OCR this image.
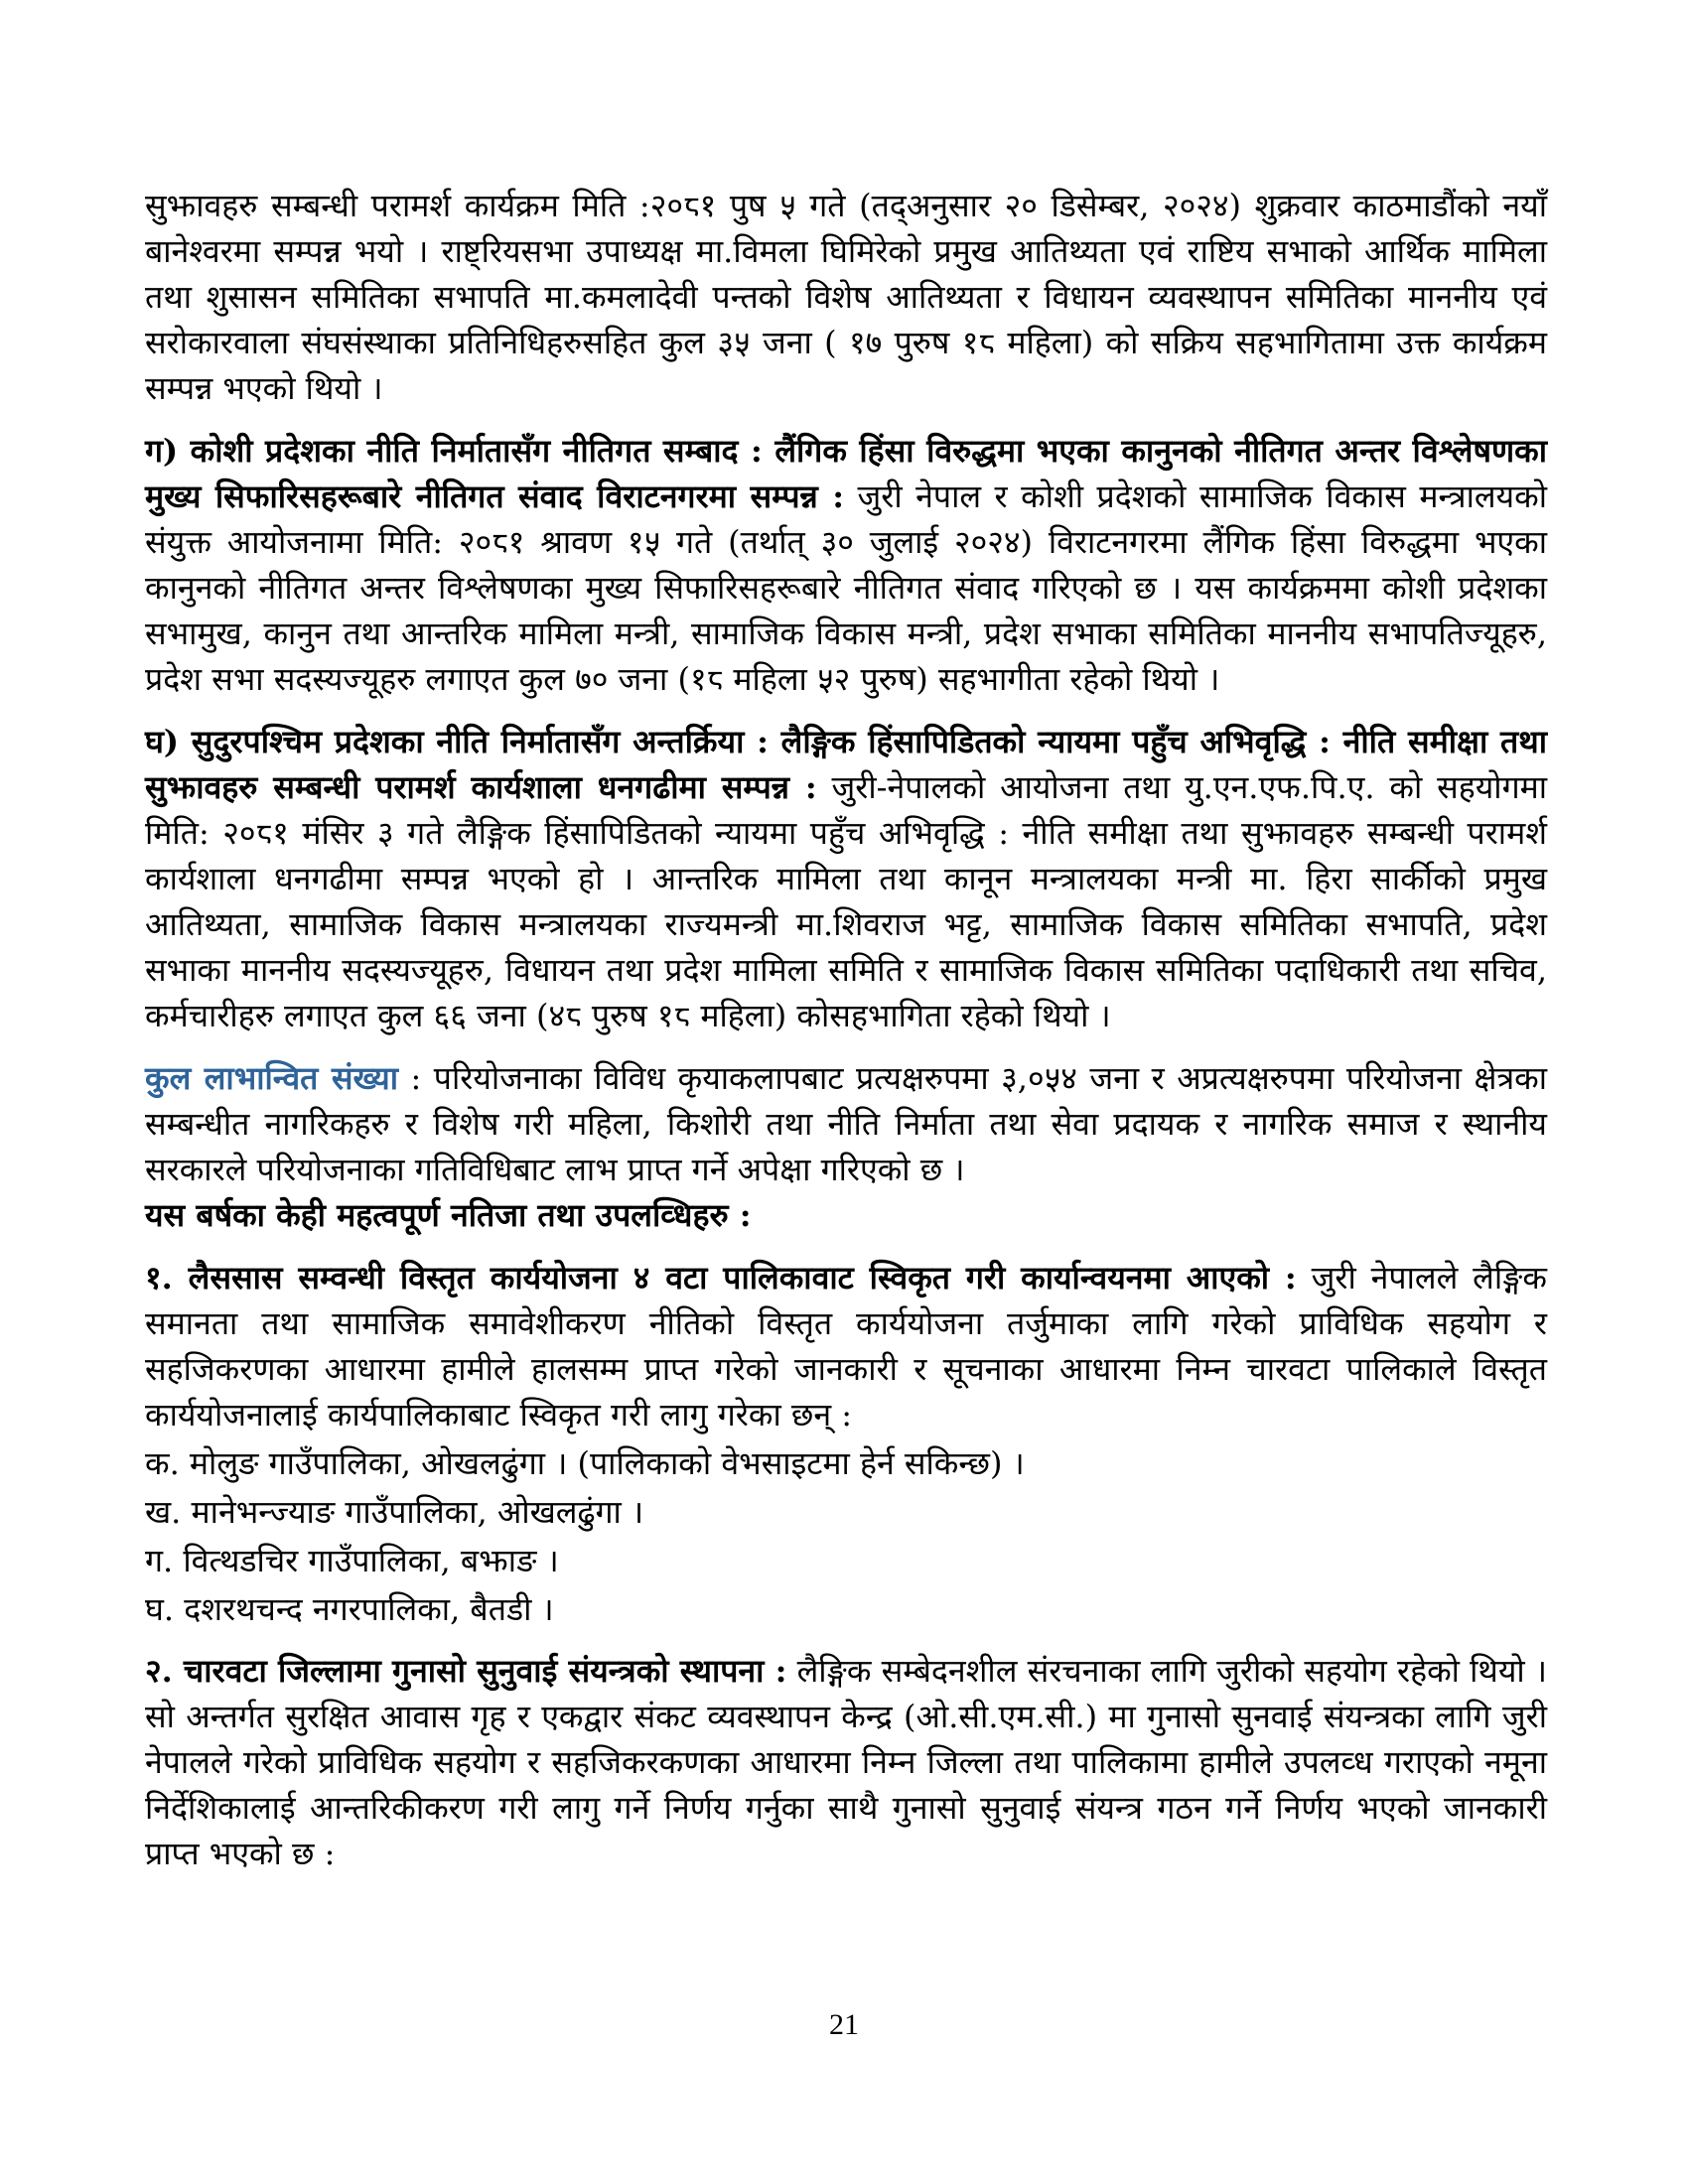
सुझावहरु सम्बन्धी परामर्श कार्यक्रम मिति :२०८१ पुष ५ गते (तद्अनुसार २० डिसेम्बर, २०२४) शुक्रवार काठमाडौंको नयाँ बानेश्वरमा सम्पन्न भयो । राष्ट्रियसभा उपाध्यक्ष मा.विमला घिमिरेको प्रमुख आतिथ्यता एवं राष्टिय सभाको आर्थिक मामिला तथा शुसासन समितिका सभापति मा.कमलादेवी पन्तको विशेष आतिथ्यता र विधायन व्यवस्थापन समितिका माननीय एवं सरोकारवाला संघसंस्थाका प्रतिनिधिहरुसहित कुल ३५ जना ( १७ पुरुष १८ महिला) को सक्रिय सहभागितामा उक्त कार्यक्रम सम्पन्न भएको थियो ।

ग) कोशी प्रदेशका नीति निर्मातासँग नीतिगत सम्बाद : लैंगिक हिंसा विरुद्धमा भएका कानुनको नीतिगत अन्तर विश्लेषणका मुख्य सिफारिसहरूबारे नीतिगत संवाद विराटनगरमा सम्पन्न : जुरी नेपाल र कोशी प्रदेशको सामाजिक विकास मन्त्रालयको संयुक्त आयोजनामा मिति: २०८१ श्रावण १५ गते (तर्थात् ३० जुलाई २०२४) विराटनगरमा लैंगिक हिंसा विरुद्धमा भएका कानुनको नीतिगत अन्तर विश्लेषणका मुख्य सिफारिसहरूबारे नीतिगत संवाद गरिएको छ । यस कार्यक्रममा कोशी प्रदेशका सभामुख, कानुन तथा आन्तरिक मामिला मन्त्री, सामाजिक विकास मन्त्री, प्रदेश सभाका समितिका माननीय सभापतिज्यूहरु, प्रदेश सभा सदस्यज्यूहरु लगाएत कुल ७० जना (१८ महिला ५२ पुरुष) सहभागीता रहेको थियो ।

घ) सुदुरपश्चिम प्रदेशका नीति निर्मातासँग अन्तर्क्रिया : लैङ्गिक हिंसापिडितको न्यायमा पहुँच अभिवृद्धि : नीति समीक्षा तथा सुझावहरु सम्बन्धी परामर्श कार्यशाला धनगढीमा सम्पन्न : जुरी-नेपालको आयोजना तथा यु.एन.एफ.पि.ए. को सहयोगमा मिति: २०८१ मंसिर ३ गते लैङ्गिक हिंसापिडितको न्यायमा पहुँच अभिवृद्धि : नीति समीक्षा तथा सुझावहरु सम्बन्धी परामर्श कार्यशाला धनगढीमा सम्पन्न भएको हो । आन्तरिक मामिला तथा कानून मन्त्रालयका मन्त्री मा. हिरा सार्कीको प्रमुख आतिथ्यता, सामाजिक विकास मन्त्रालयका राज्यमन्त्री मा.शिवराज भट्ट, सामाजिक विकास समितिका सभापति, प्रदेश सभाका माननीय सदस्यज्यूहरु, विधायन तथा प्रदेश मामिला समिति र सामाजिक विकास समितिका पदाधिकारी तथा सचिव, कर्मचारीहरु लगाएत कुल ६६ जना (४८ पुरुष १८ महिला) कोसहभागिता रहेको थियो ।

कुल लाभान्वित संख्या : परियोजनाका विविध कृयाकलापबाट प्रत्यक्षरुपमा ३,०५४ जना र अप्रत्यक्षरुपमा परियोजना क्षेत्रका सम्बन्धीत नागरिकहरु र विशेष गरी महिला, किशोरी तथा नीति निर्माता तथा सेवा प्रदायक र नागरिक समाज र स्थानीय सरकारले परियोजनाका गतिविधिबाट लाभ प्राप्त गर्ने अपेक्षा गरिएको छ ।

यस बर्षका केही महत्वपूर्ण नतिजा तथा उपलव्धिहरु :

१. लैससास सम्वन्धी विस्तृत कार्ययोजना ४ वटा पालिकावाट स्विकृत गरी कार्यान्वयनमा आएको : जुरी नेपालले लैङ्गिक समानता तथा सामाजिक समावेशीकरण नीतिको विस्तृत कार्ययोजना तर्जुमाका लागि गरेको प्राविधिक सहयोग र सहजिकरणका आधारमा हामीले हालसम्म प्राप्त गरेको जानकारी र सूचनाका आधारमा निम्न चारवटा पालिकाले विस्तृत कार्ययोजनालाई कार्यपालिकाबाट स्विकृत गरी लागु गरेका छन् :

क. मोलुङ गाउँपालिका, ओखलढुंगा । (पालिकाको वेभसाइटमा हेर्न सकिन्छ) ।
ख. मानेभन्ज्याङ गाउँपालिका, ओखलढुंगा ।
ग. वित्थडचिर गाउँपालिका, बझाङ ।
घ. दशरथचन्द नगरपालिका, बैतडी ।

२. चारवटा जिल्लामा गुनासो सुनुवाई संयन्त्रको स्थापना : लैङ्गिक सम्बेदनशील संरचनाका लागि जुरीको सहयोग रहेको थियो । सो अन्तर्गत सुरक्षित आवास गृह र एकद्वार संकट व्यवस्थापन केन्द्र (ओ.सी.एम.सी.) मा गुनासो सुनवाई संयन्त्रका लागि जुरी नेपालले गरेको प्राविधिक सहयोग र सहजिकरकणका आधारमा निम्न जिल्ला तथा पालिकामा हामीले उपलव्ध गराएको नमूना निर्देशिकालाई आन्तरिकीकरण गरी लागु गर्ने निर्णय गर्नुका साथै गुनासो सुनुवाई संयन्त्र गठन गर्ने निर्णय भएको जानकारी प्राप्त भएको छ :

21
